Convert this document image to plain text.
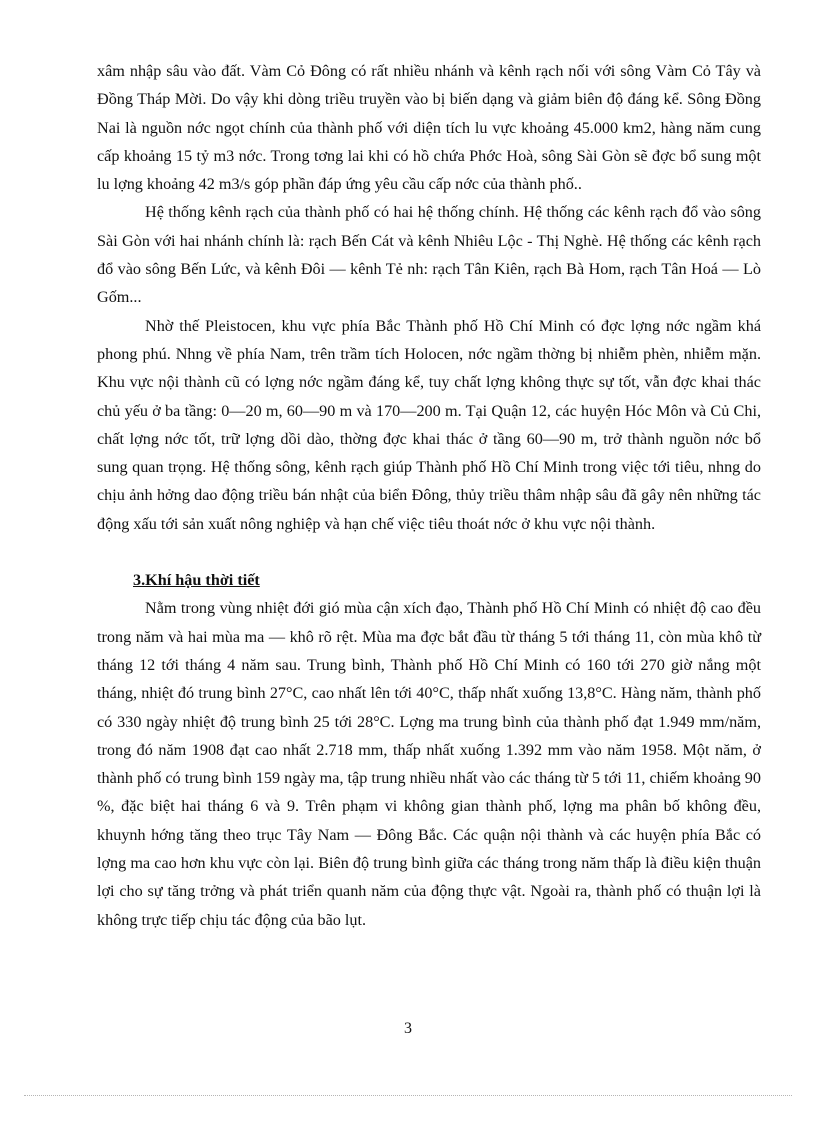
xâm nhập sâu vào đất. Vàm Cỏ Đông có rất nhiều nhánh và kênh rạch nối với sông Vàm Cỏ Tây và Đồng Tháp Mời. Do vậy khi dòng triều truyền vào bị biến dạng và giảm biên độ đáng kể. Sông Đồng Nai là nguồn nớc ngọt chính của thành phố với diện tích lu vực khoảng 45.000 km2, hàng năm cung cấp khoảng 15 tỷ m3 nớc. Trong tơng lai khi có hồ chứa Phớc Hoà, sông Sài Gòn sẽ đợc bổ sung một lu lợng khoảng 42 m3/s góp phần đáp ứng yêu cầu cấp nớc của thành phố..

Hệ thống kênh rạch của thành phố có hai hệ thống chính. Hệ thống các kênh rạch đổ vào sông Sài Gòn với hai nhánh chính là: rạch Bến Cát và kênh Nhiêu Lộc - Thị Nghè. Hệ thống các kênh rạch đổ vào sông Bến Lức, và kênh Đôi — kênh Tẻ nh: rạch Tân Kiên, rạch Bà Hom, rạch Tân Hoá — Lò Gốm...

Nhờ thế Pleistocen, khu vực phía Bắc Thành phố Hồ Chí Minh có đợc lợng nớc ngầm khá phong phú. Nhng về phía Nam, trên trầm tích Holocen, nớc ngầm thờng bị nhiễm phèn, nhiễm mặn. Khu vực nội thành cũ có lợng nớc ngầm đáng kể, tuy chất lợng không thực sự tốt, vẫn đợc khai thác chủ yếu ở ba tầng: 0—20 m, 60—90 m và 170—200 m. Tại Quận 12, các huyện Hóc Môn và Củ Chi, chất lợng nớc tốt, trữ lợng dồi dào, thờng đợc khai thác ở tầng 60—90 m, trở thành nguồn nớc bổ sung quan trọng. Hệ thống sông, kênh rạch giúp Thành phố Hồ Chí Minh trong việc tới tiêu, nhng do chịu ảnh hởng dao động triều bán nhật của biển Đông, thủy triều thâm nhập sâu đã gây nên những tác động xấu tới sản xuất nông nghiệp và hạn chế việc tiêu thoát nớc ở khu vực nội thành.

3.Khí hậu thời tiết

Nằm trong vùng nhiệt đới gió mùa cận xích đạo, Thành phố Hồ Chí Minh có nhiệt độ cao đều trong năm và hai mùa ma — khô rõ rệt. Mùa ma đợc bắt đầu từ tháng 5 tới tháng 11, còn mùa khô từ tháng 12 tới tháng 4 năm sau. Trung bình, Thành phố Hồ Chí Minh có 160 tới 270 giờ nắng một tháng, nhiệt đó trung bình 27°C, cao nhất lên tới 40°C, thấp nhất xuống 13,8°C. Hàng năm, thành phố có 330 ngày nhiệt độ trung bình 25 tới 28°C. Lợng ma trung bình của thành phố đạt 1.949 mm/năm, trong đó năm 1908 đạt cao nhất 2.718 mm, thấp nhất xuống 1.392 mm vào năm 1958. Một năm, ở thành phố có trung bình 159 ngày ma, tập trung nhiều nhất vào các tháng từ 5 tới 11, chiếm khoảng 90 %, đặc biệt hai tháng 6 và 9. Trên phạm vi không gian thành phố, lợng ma phân bố không đều, khuynh hớng tăng theo trục Tây Nam — Đông Bắc. Các quận nội thành và các huyện phía Bắc có lợng ma cao hơn khu vực còn lại. Biên độ trung bình giữa các tháng trong năm thấp là điều kiện thuận lợi cho sự tăng trởng và phát triển quanh năm của động thực vật. Ngoài ra, thành phố có thuận lợi là không trực tiếp chịu tác động của bão lụt.

3
